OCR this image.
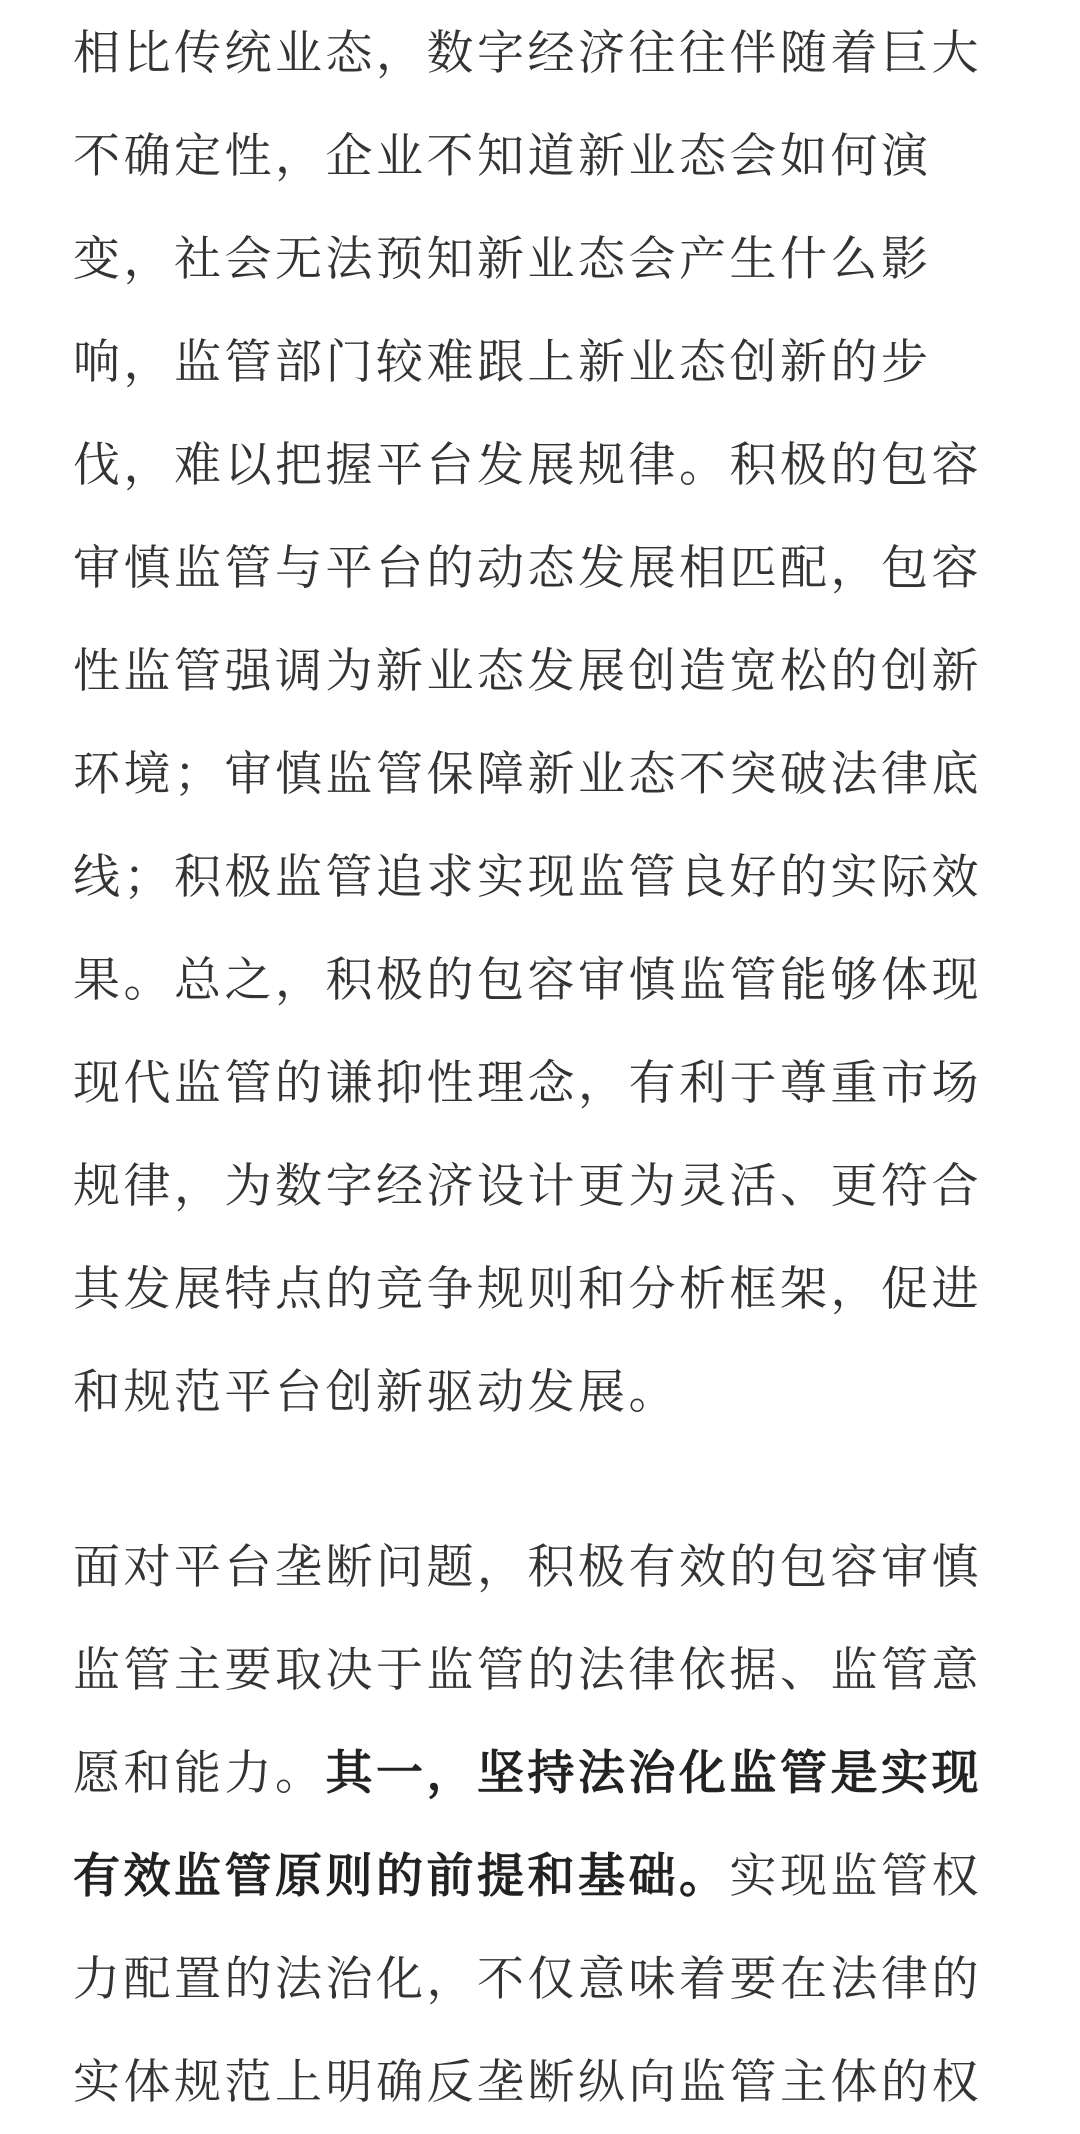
相比传统业态，数字经济往往伴随着巨大
不确定性，企业不知道新业态会如何演
变，社会无法预知新业态会产生什么影
响，监管部门较难跟上新业态创新的步
伐，难以把握平台发展规律。积极的包容
审慎监管与平台的动态发展相匹配，包容
性监管强调为新业态发展创造宽松的创新
环境；审慎监管保障新业态不突破法律底
线；积极监管追求实现监管良好的实际效
果。总之，积极的包容审慎监管能够体现
现代监管的谦抑性理念，有利于尊重市场
规律，为数字经济设计更为灵活、更符合
其发展特点的竞争规则和分析框架，促进
和规范平台创新驱动发展。

面对平台垄断问题，积极有效的包容审慎
监管主要取决于监管的法律依据、监管意
愿和能力。其一，坚持法治化监管是实现
有效监管原则的前提和基础。实现监管权
力配置的法治化，不仅意味着要在法律的
实体规范上明确反垄断纵向监管主体的权
